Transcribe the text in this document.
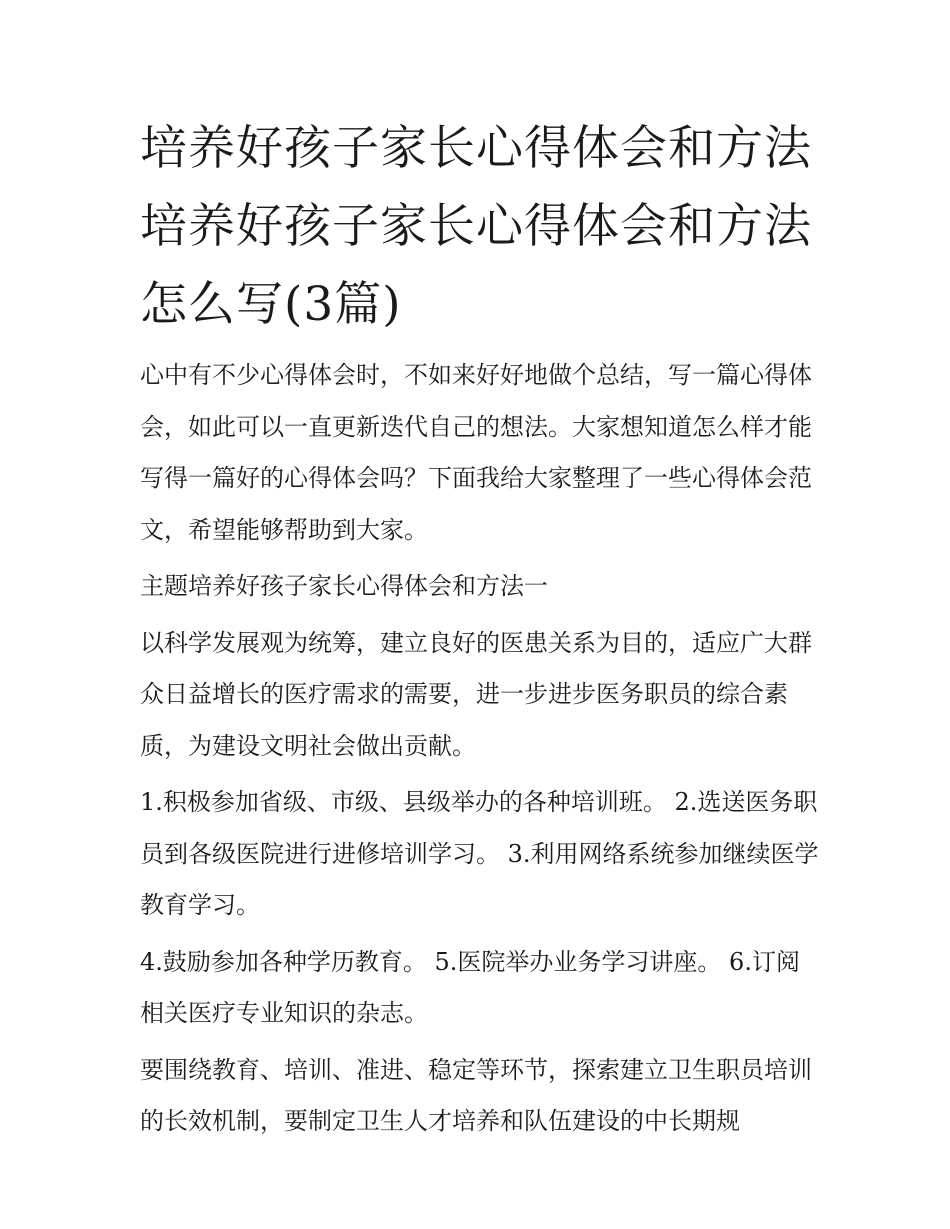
培养好孩子家长心得体会和方法 培养好孩子家长心得体会和方法怎么写(3篇)

心中有不少心得体会时，不如来好好地做个总结，写一篇心得体会，如此可以一直更新迭代自己的想法。大家想知道怎么样才能写得一篇好的心得体会吗？下面我给大家整理了一些心得体会范文，希望能够帮助到大家。

主题培养好孩子家长心得体会和方法一

以科学发展观为统筹，建立良好的医患关系为目的，适应广大群众日益增长的医疗需求的需要，进一步进步医务职员的综合素质，为建设文明社会做出贡献。

1.积极参加省级、市级、县级举办的各种培训班。 2.选送医务职员到各级医院进行进修培训学习。 3.利用网络系统参加继续医学教育学习。

4.鼓励参加各种学历教育。 5.医院举办业务学习讲座。 6.订阅相关医疗专业知识的杂志。

要围绕教育、培训、准进、稳定等环节，探索建立卫生职员培训的长效机制，要制定卫生人才培养和队伍建设的中长期规
